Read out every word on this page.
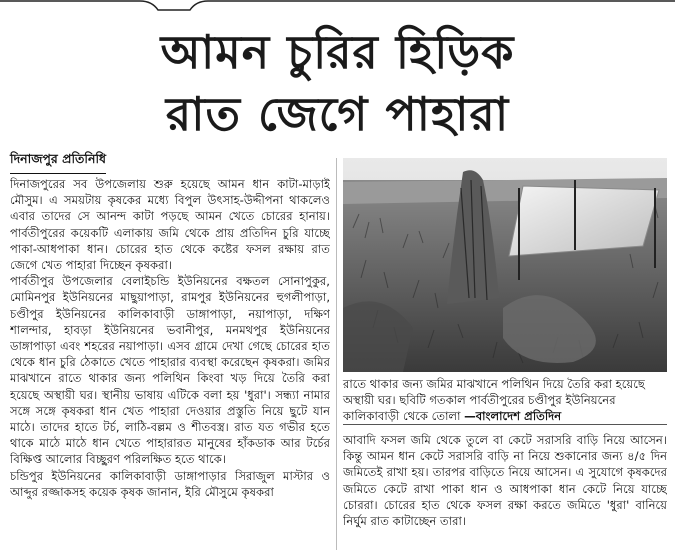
আমন চুরির হিড়িক
রাত জেগে পাহারা
দিনাজপুর প্রতিনিধি

দিনাজপুরের সব উপজেলায় শুরু হয়েছে আমন ধান কাটা-মাড়াই মৌসুম। এ সময়টায় কৃষকের মধ্যে বিপুল উৎসাহ-উদ্দীপনা থাকলেও এবার তাদের সে আনন্দ কাটা পড়ছে আমন খেতে চোরের হানায়। পার্বতীপুরের কয়েকটি এলাকায় জমি থেকে প্রায় প্রতিদিন চুরি যাচ্ছে পাকা-আধপাকা ধান। চোরের হাত থেকে কষ্টের ফসল রক্ষায় রাত জেগে খেত পাহারা দিচ্ছেন কৃষকরা।

পার্বতীপুর উপজেলার বেলাইচন্ডি ইউনিয়নের বক্ষতল সোনাপুকুর, মোমিনপুর ইউনিয়নের মাছুয়াপাড়া, রামপুর ইউনিয়নের হুগলীপাড়া, চণ্ডীপুর ইউনিয়নের কালিকাবাড়ী ডাঙ্গাপাড়া, নয়াপাড়া, দক্ষিণ শালন্দার, হাবড়া ইউনিয়নের ভবানীপুর, মনমথপুর ইউনিয়নের ডাঙ্গাপাড়া এবং শহরের নয়াপাড়া। এসব গ্রামে দেখা গেছে চোরের হাত থেকে ধান চুরি ঠেকাতে খেতে পাহারার ব্যবস্থা করেছেন কৃষকরা। জমির মাঝখানে রাতে থাকার জন্য পলিথিন কিংবা খড় দিয়ে তৈরি করা হয়েছে অস্থায়ী ঘর। স্থানীয় ভাষায় এটিকে বলা হয় 'ধুরা'। সন্ধ্যা নামার সঙ্গে সঙ্গে কৃষকরা ধান খেত পাহারা দেওয়ার প্রস্তুতি নিয়ে ছুটে যান মাঠে। তাদের হাতে টর্চ, লাঠি-বল্লম ও শীতবস্ত্র। রাত যত গভীর হতে থাকে মাঠে মাঠে ধান খেতে পাহারারত মানুষের হাঁকডাক আর টর্চের বিক্ষিপ্ত আলোর বিচ্ছুরণ পরিলক্ষিত হতে থাকে।

চন্ডিপুর ইউনিয়নের কালিকাবাড়ী ডাঙ্গাপাড়ার সিরাজুল মাস্টার ও আব্দুর রজ্জাকসহ কয়েক কৃষক জানান, ইরি মৌসুমে কৃষকরা

রাতে থাকার জন্য জমির মাঝখানে পলিথিন দিয়ে তৈরি করা হয়েছে অস্থায়ী ঘর। ছবিটি গতকাল পার্বতীপুরের চণ্ডীপুর ইউনিয়নের কালিকাবাড়ী থেকে তোলা —বাংলাদেশ প্রতিদিন

আবাদি ফসল জমি থেকে তুলে বা কেটে সরাসরি বাড়ি নিয়ে আসেন। কিন্তু আমন ধান কেটে সরাসরি বাড়ি না নিয়ে শুকানোর জন্য ৪/৫ দিন জমিতেই রাখা হয়। তারপর বাড়িতে নিয়ে আসেন। এ সুযোগে কৃষকদের জমিতে কেটে রাখা পাকা ধান ও আধপাকা ধান কেটে নিয়ে যাচ্ছে চোররা। চোরের হাত থেকে ফসল রক্ষা করতে জমিতে 'ধুরা' বানিয়ে নির্ঘুম রাত কাটাচ্ছেন তারা।
